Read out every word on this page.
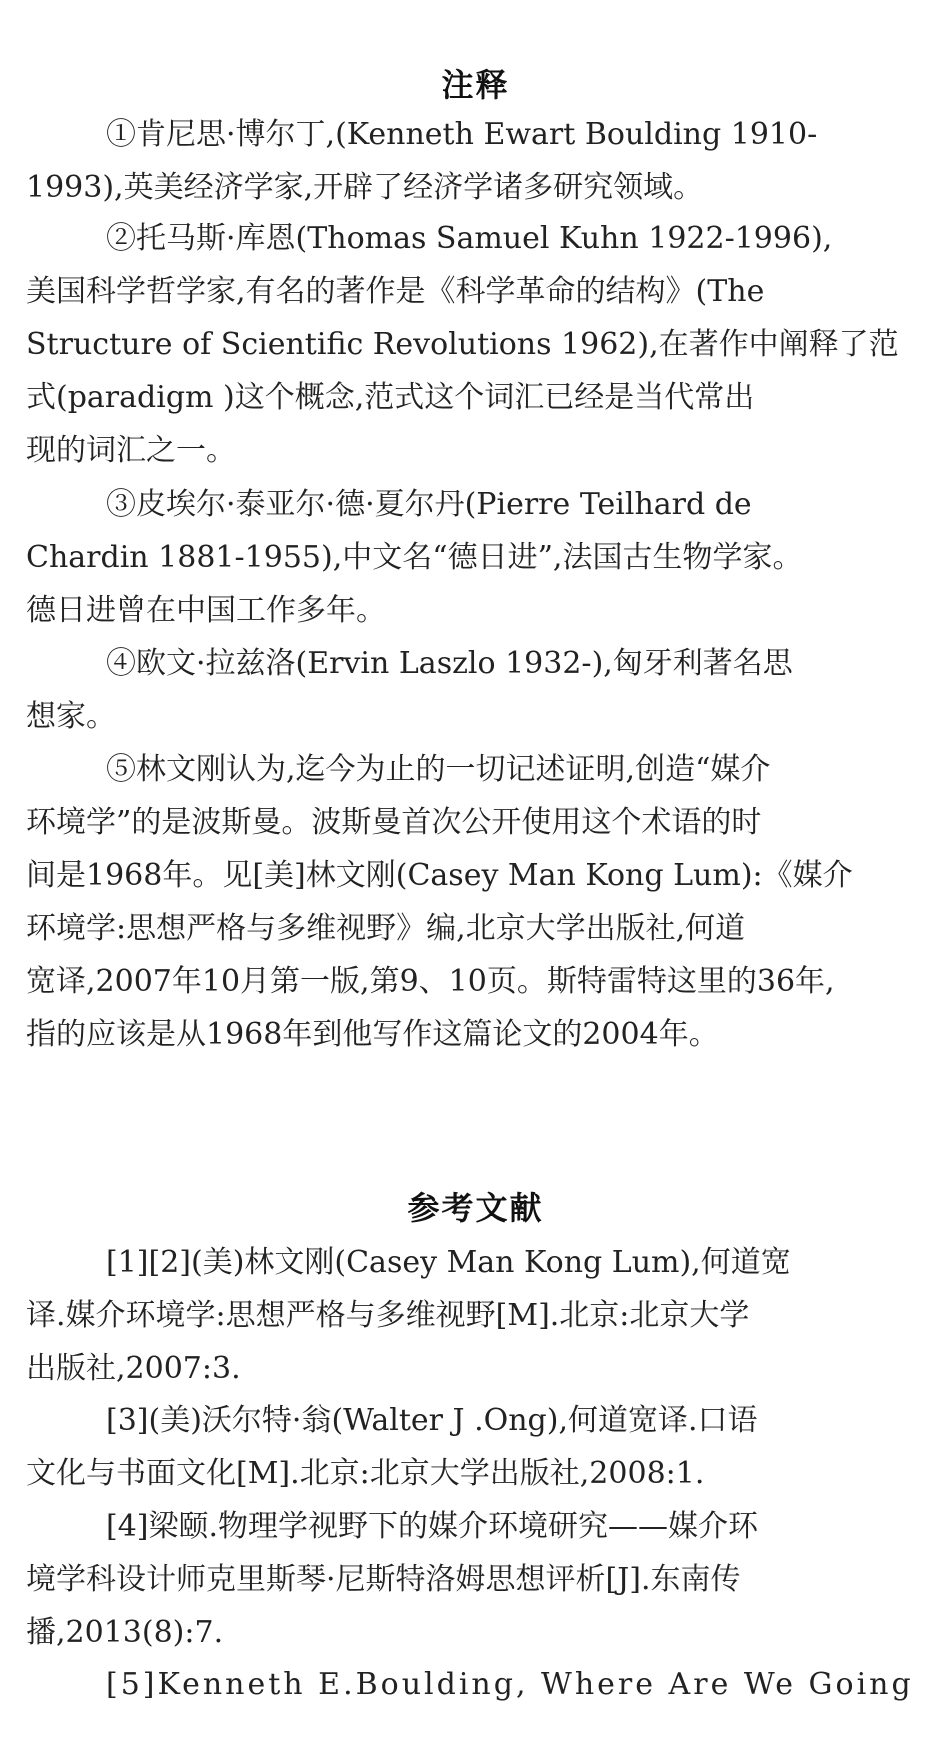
注释
①肯尼思·博尔丁,(Kenneth Ewart Boulding 1910-
1993),英美经济学家,开辟了经济学诸多研究领域。
②托马斯·库恩(Thomas Samuel Kuhn 1922-1996),
美国科学哲学家,有名的著作是《科学革命的结构》(The
Structure of Scientific Revolutions 1962),在著作中阐释了范
式(paradigm )这个概念,范式这个词汇已经是当代常出
现的词汇之一。
③皮埃尔·泰亚尔·德·夏尔丹(Pierre Teilhard de
Chardin 1881-1955),中文名“德日进”,法国古生物学家。
德日进曾在中国工作多年。
④欧文·拉兹洛(Ervin Laszlo 1932-),匈牙利著名思
想家。
⑤林文刚认为,迄今为止的一切记述证明,创造“媒介
环境学”的是波斯曼。波斯曼首次公开使用这个术语的时
间是1968年。见[美]林文刚(Casey Man Kong Lum):《媒介
环境学:思想严格与多维视野》编,北京大学出版社,何道
宽译,2007年10月第一版,第9、10页。斯特雷特这里的36年,
指的应该是从1968年到他写作这篇论文的2004年。
参考文献
[1][2](美)林文刚(Casey Man Kong Lum),何道宽
译.媒介环境学:思想严格与多维视野[M].北京:北京大学
出版社,2007:3.
[3](美)沃尔特·翁(Walter J .Ong),何道宽译.口语
文化与书面文化[M].北京:北京大学出版社,2008:1.
[4]梁颐.物理学视野下的媒介环境研究——媒介环
境学科设计师克里斯琴·尼斯特洛姆思想评析[J].东南传
播,2013(8):7.
[5]Kenneth E.Boulding, Where Are We Going
